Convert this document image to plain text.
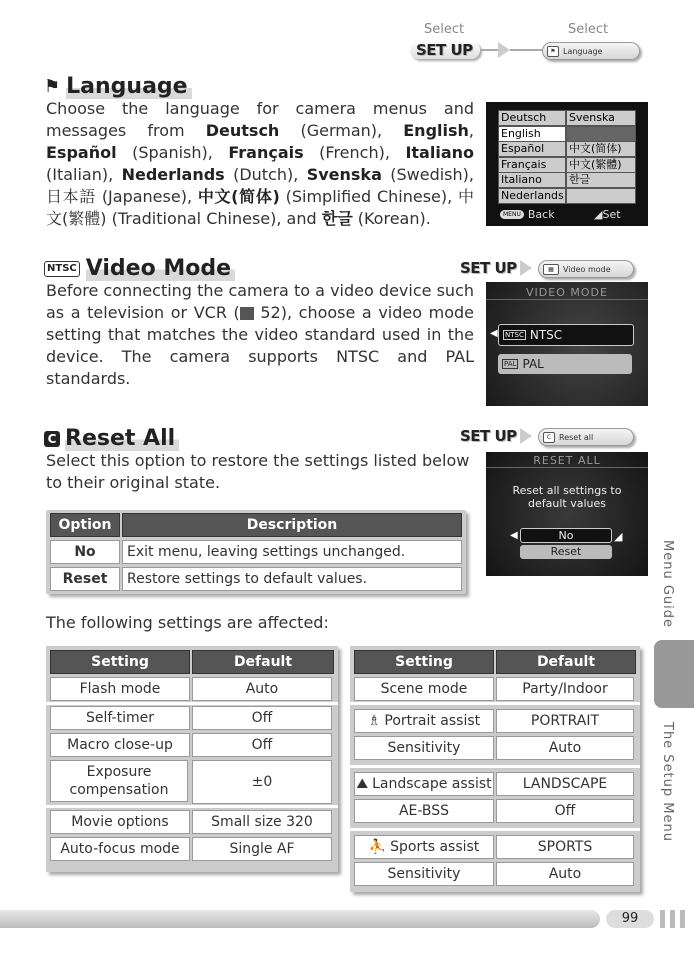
Select	Select
SET UP	⚑ Language
⚑ Language
Choose the language for camera menus and messages from Deutsch (German), English, Español (Spanish), Français (French), Italiano (Italian), Nederlands (Dutch), Svenska (Swedish), 日本語 (Japanese), 中文(简体) (Simplified Chinese), 中文(繁體) (Traditional Chinese), and 한글 (Korean).
Deutsch	Svenska
English
Español	中文(简体)
Français	中文(繁體)
Italiano	한글
Nederlands
MENU Back	◢Set
NTSC Video Mode	SET UP	▦	Video mode
Before connecting the camera to a video device such as a television or VCR ( 52), choose a video mode setting that matches the video standard used in the device. The camera supports NTSC and PAL standards.
VIDEO MODE
◀ NTSC NTSC
PAL PAL
C Reset All	SET UP	C Reset all
Select this option to restore the settings listed below to their original state.
RESET ALL
Reset all settings to default values
◀	No	◢
Reset
Option	Description
No	Exit menu, leaving settings unchanged.
Reset	Restore settings to default values.
The following settings are affected:
Setting	Default
Flash mode	Auto
Self-timer	Off
Macro close-up	Off
Exposure compensation	±0
Movie options	Small size 320
Auto-focus mode	Single AF
Setting	Default
Scene mode	Party/Indoor
♗ Portrait assist	PORTRAIT
Sensitivity	Auto
⛰ Landscape assist	LANDSCAPE
AE-BSS	Off
⛹ Sports assist	SPORTS
Sensitivity	Auto
Menu Guide
The Setup Menu
99
